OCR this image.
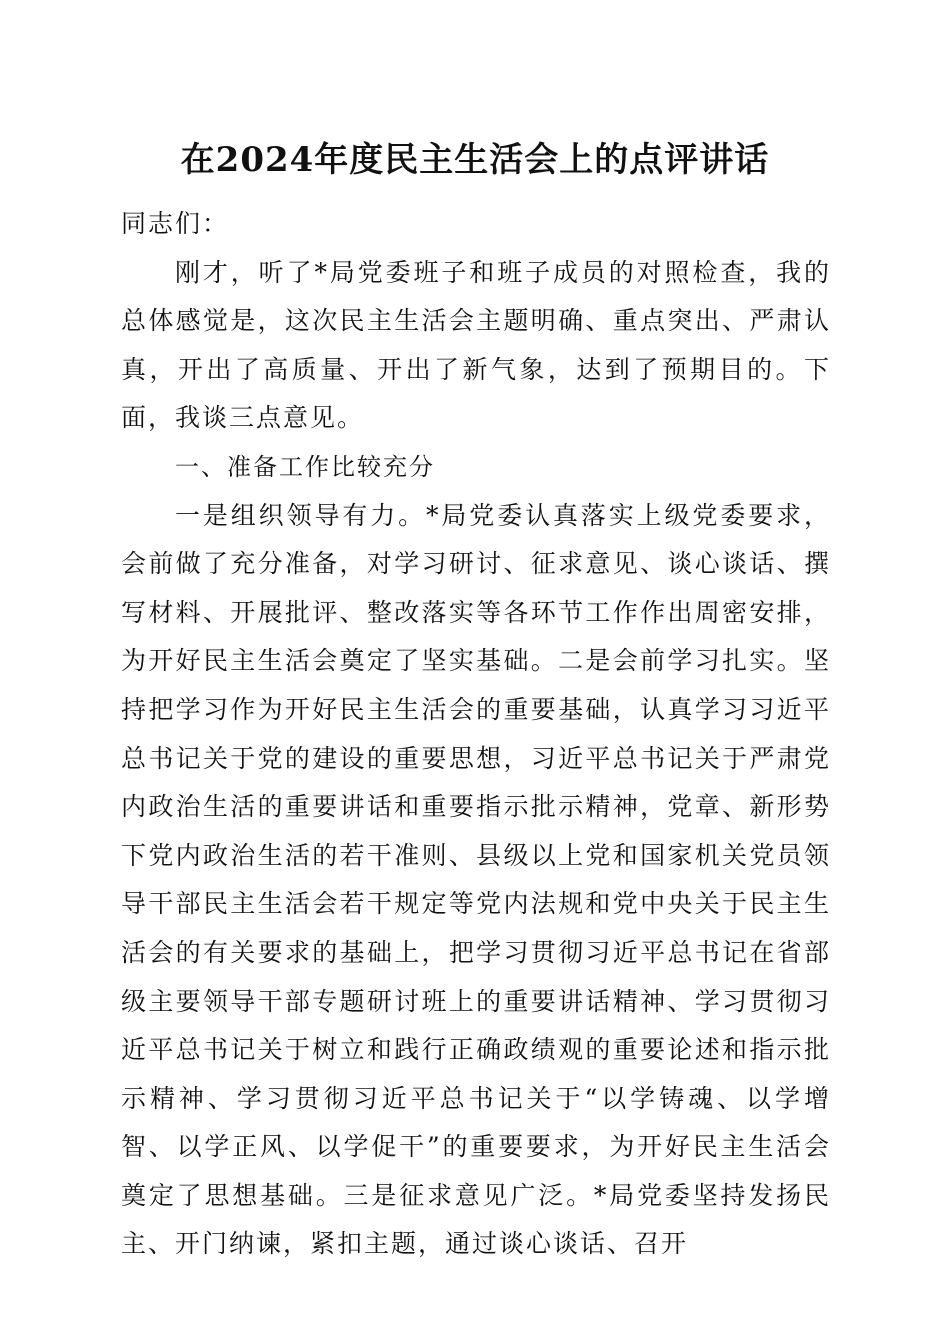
在2024年度民主生活会上的点评讲话

同志们：

刚才，听了*局党委班子和班子成员的对照检查，我的总体感觉是，这次民主生活会主题明确、重点突出、严肃认真，开出了高质量、开出了新气象，达到了预期目的。下面，我谈三点意见。

一、准备工作比较充分

一是组织领导有力。*局党委认真落实上级党委要求，会前做了充分准备，对学习研讨、征求意见、谈心谈话、撰写材料、开展批评、整改落实等各环节工作作出周密安排，为开好民主生活会奠定了坚实基础。二是会前学习扎实。坚持把学习作为开好民主生活会的重要基础，认真学习习近平总书记关于党的建设的重要思想，习近平总书记关于严肃党内政治生活的重要讲话和重要指示批示精神，党章、新形势下党内政治生活的若干准则、县级以上党和国家机关党员领导干部民主生活会若干规定等党内法规和党中央关于民主生活会的有关要求的基础上，把学习贯彻习近平总书记在省部级主要领导干部专题研讨班上的重要讲话精神、学习贯彻习近平总书记关于树立和践行正确政绩观的重要论述和指示批示精神、学习贯彻习近平总书记关于“以学铸魂、以学增智、以学正风、以学促干”的重要要求，为开好民主生活会奠定了思想基础。三是征求意见广泛。*局党委坚持发扬民主、开门纳谏，紧扣主题，通过谈心谈话、召开
